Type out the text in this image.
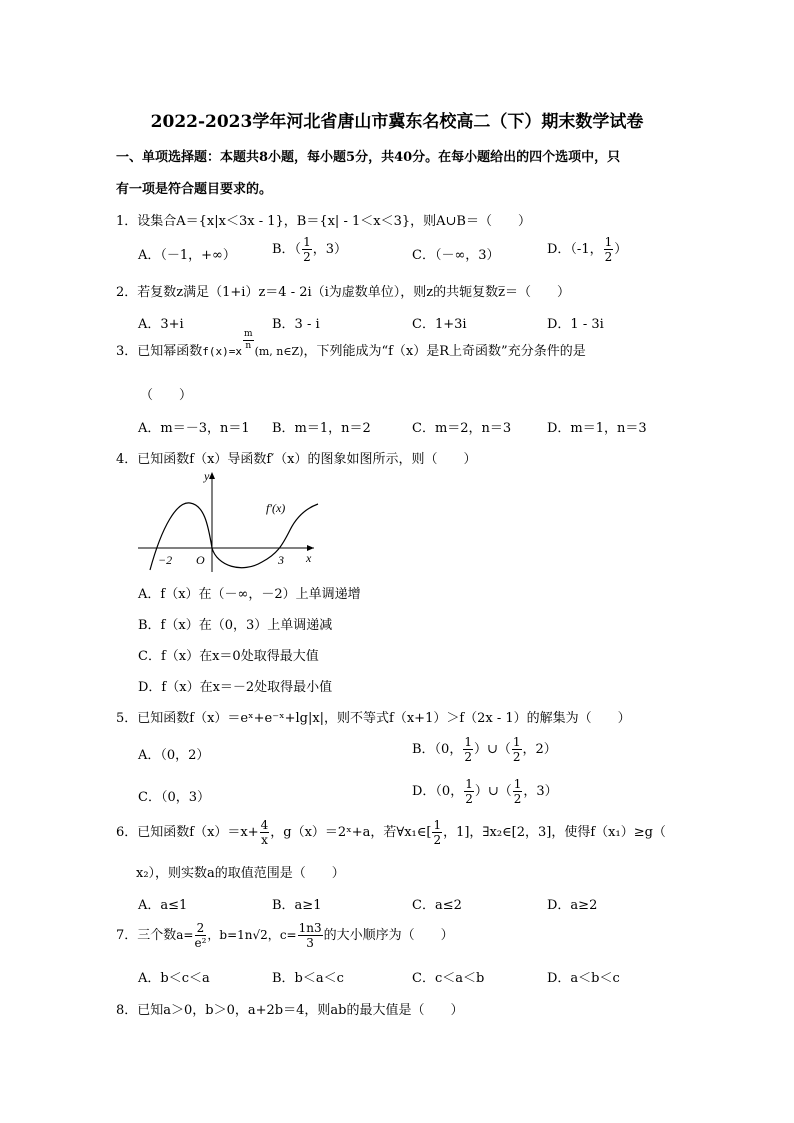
2022-2023学年河北省唐山市冀东名校高二（下）期末数学试卷
一、单项选择题：本题共8小题，每小题5分，共40分。在每小题给出的四个选项中，只
有一项是符合题目要求的。
1．设集合A＝{x|x＜3x - 1}，B＝{x| - 1＜x＜3}，则A∪B＝（　　）
A．（－1，+∞）	B．（ $\frac{1}{2}$ ，3）	C．（－∞，3）	D．（-1， $\frac{1}{2}$ ）
2．若复数z满足（1+i）z＝4 - 2i（i为虚数单位），则z的共轭复数z̅＝（　　）
A．3+i	B．3 - i	C．1+3i	D．1 - 3i
3．已知幂函数f(x)=x
$\frac{m}{n}$
(m, n∈Z)，下列能成为“f（x）是R上奇函数”充分条件的是
（　　）
A．m＝－3，n＝1 B．m＝1，n＝2	C．m＝2，n＝3	D．m＝1，n＝3
4．已知函数f（x）导函数f′（x）的图象如图所示，则（　　）
y
x
f′(x)
−2 O	3
A．f（x）在（－∞，－2）上单调递增
B．f（x）在（0，3）上单调递减
C．f（x）在x＝0处取得最大值
D．f（x）在x＝－2处取得最小值
5．已知函数f（x）＝eˣ+e⁻ˣ+lg|x|，则不等式f（x+1）＞f（2x - 1）的解集为（　　）
A．（0，2）	B．（0， $\frac{1}{2}$ ）∪（ $\frac{1}{2}$ ，2）
C．（0，3）	D．（0， $\frac{1}{2}$ ）∪（ $\frac{1}{2}$ ，3）
6．已知函数$f(x)=x+ \frac{4}{x}$ ，g（x）＝2ˣ+a，若∀x₁∈[ $\frac{1}{2}$ ，1]，∃x₂∈[2，3]，使得f（x₁）≥g（
x₂），则实数a的取值范围是（　　）
A．a≤1	B．a≥1	C．a≤2	D．a≥2
7．三个数$a= \frac{2}{\text{e²}}$ ，b=1n√2，$c= \frac{1n3}{3}$ 的大小顺序为（　　）
A．b＜c＜a	B．b＜a＜c	C．c＜a＜b	D．a＜b＜c
8．已知a＞0，b＞0，a+2b＝4，则ab的最大值是（　　）
